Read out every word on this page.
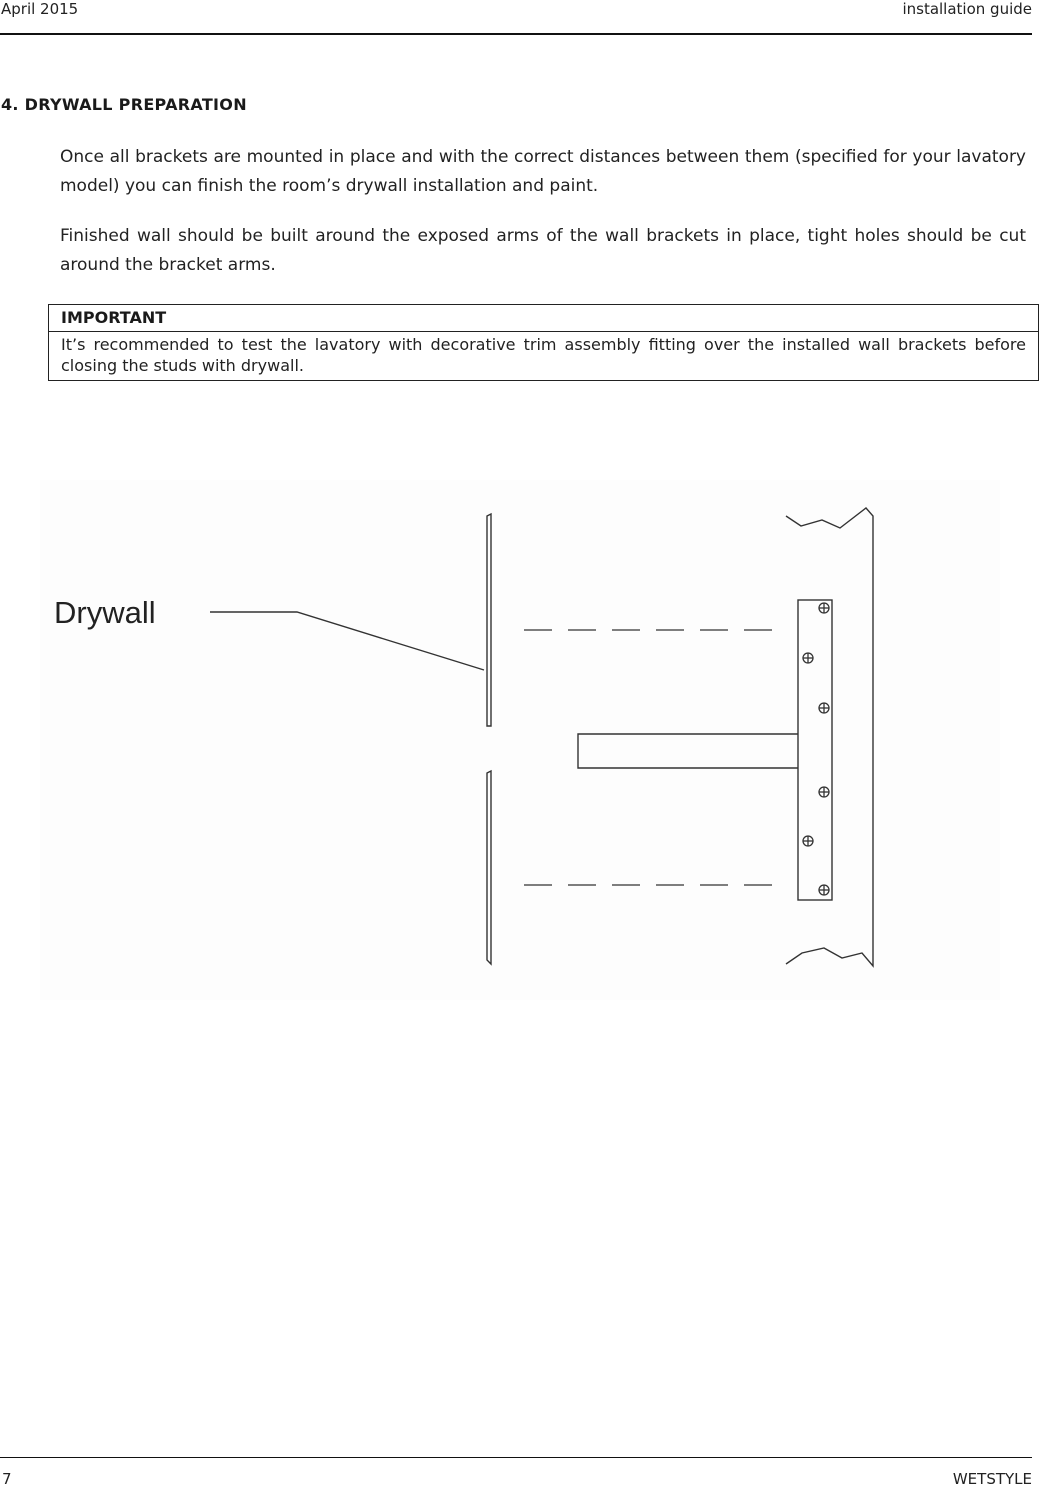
April 2015	installation guide
4. DRYWALL PREPARATION

Once all brackets are mounted in place and with the correct distances between them (specified for your lavatory model) you can finish the room’s drywall installation and paint.

Finished wall should be built around the exposed arms of the wall brackets in place, tight holes should be cut around the bracket arms.

IMPORTANT
It’s recommended to test the lavatory with decorative trim assembly fitting over the installed wall brackets before closing the studs with drywall.
Drywall
7	WETSTYLE
